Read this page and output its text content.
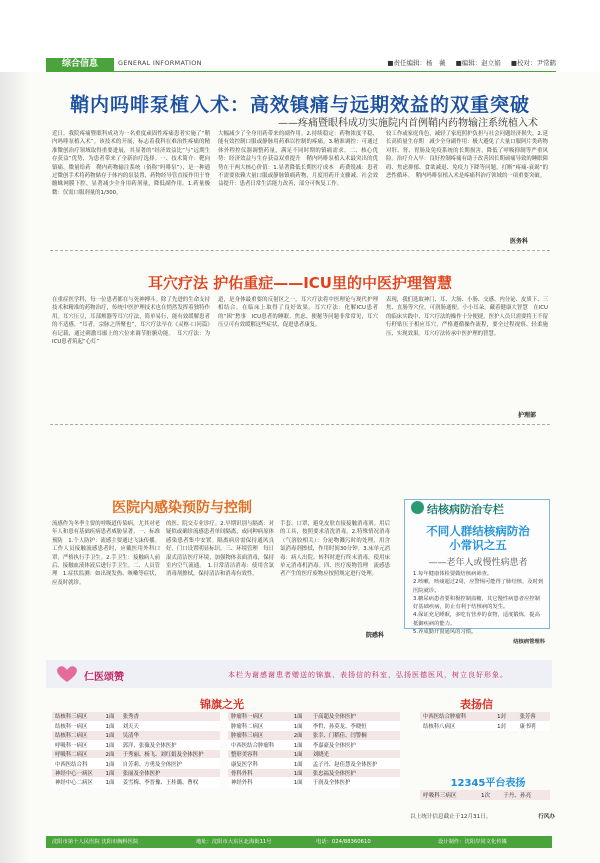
综合信息	GENERAL INFORMATION	■责任编辑：杨　薇 ■编辑：赵立娟 ■校对：尹常鹤
鞘内吗啡泵植入术：高效镇痛与远期效益的双重突破
——疼痛暨眼科成功实施院内首例鞘内药物输注系统植入术
近日，我院疼痛暨眼科成功为一名重度顽固性疼痛患者实施了“鞘内吗啡泵植入术”。该技术的开展，标志着我科在难治性疼痛的精准微创治疗领域取得重要进展，其显著的“经济效益比”与“远期生存获益”优势，为患者带来了全新治疗选择。一、技术简介：靶向镇痛，微量给药　鞘内药物输注系统（俗称“吗啡泵”），是一种通过微创手术将药物储存于体内的泵装置，药物经导管直接作用于脊髓蛛网膜下腔，显著减少全身用药剂量，降低副作用。1.药量极微：仅需口服剂量的1/300。
大幅减少了全身用药带来的副作用。2.持续稳定：药物浓度平稳，能有效控制口服或静脉用药难以控制的疼痛。3.精准调控：可通过体外程控仪器调整药量，满足不同时期的镇痛需求。二、核心优势：经济效益与生存获益双重提升　鞘内吗啡泵植入术最突出的优势在于两大核心价值：1.显著降低长期医疗成本　药费锐减：患者不需要依赖大量口服或静脉镇痛药物，月度用药开支骤减。社会效益提升：患者日常生活能力改善，部分可恢复工作。
较工作或家庭角色，减轻了家庭照护负担与社会问题经济损失。2.延长高质量生存期　减少全身副作用：极大避免了大量口服阿片类药物对肝、肾、胃肠及免疫系统的长期损害，降低了呼吸抑制等严重风险。治疗介入早：良好控制疼痛有助于改善因长期顽痛导致的睡眠障碍、焦虑抑郁、食欲减退、免疫力下降等问题，打断“疼痛-衰竭”的恶性循环。　鞘内吗啡泵植入术是疼痛科治疗领域的一项重要突破。
医务科
耳穴疗法 护佑重症——ICU里的中医护理智慧
在重症医学科，每一位患者都在与死神搏斗。除了先进的生命支持技术和精准的药物治疗，传统中医护理技术也在悄然发挥着独特作用。耳穴压豆，耳部颊器等耳穴疗法，简单易行，能有效缓解患者的不适感。“耳者，宗脉之所聚也”，耳穴疗法早在《灵枢·口问篇》有记载，通过刺激耳廓上的穴位来调节脏腑功能。　耳穴疗法：为ICU患者筑起“心灯”
道，是身体最重要的反射区之一。耳穴疗法将中医理论与现代护理相结合，在临床上取得了良好效果。耳穴疗法：化解ICU患者的“困”愁事　ICU患者的睡眠、焦虑、便秘等问题非常常见，耳穴压豆可有效缓解这些症状，促进患者康复。
表现，我们选取神门、耳、大肠、小肠、交感、内分泌、皮质下、三焦、直肠等穴位，可润肠通便。小小耳朵，藏着健康大智慧　在ICU的临床实践中，耳穴疗法的操作十分便捷，医护人员只需要将王不留行籽贴压于相应耳穴，严格遵循操作流程，要全过程视察、轻柔施压、实现效果。耳穴疗法传承中医护理的智慧。
护理部
医院内感染预防与控制
流感作为冬季主要的呼吸道传染病，尤其对老年人和患有基础疾病患者威胁显著。一、标准预防　1.个人防护：流感主要通过飞沫传播。工作人员接触流感患者时，应戴医用外科口罩，严格执行手卫生。2.手卫生：接触病人前后、接触血液体液后进行手卫生。二、人员管理　1.症状监测：如出现发热、咳嗽等症状，应及时就诊。
的医、院交专业诊疗。2.早期识别与隔离：对疑似或确诊流感患者单间隔离，或同种病原体感染患者集中安置。隔离病房需保持通风良好，门口设置明显标识。三、环境管理　每日湿式清洁医疗环境，加强物体表面消毒，保持室内空气流通。　1.日常清洁消毒：使用含氯消毒剂擦拭，保持清洁和消毒有效性。
手套、口罩，避免皮肤直接接触消毒剂。用后的工具，按照要求清洗消毒。2.特殊情况消毒（气溶胶相关）：分泌物溅污时的处理，用含氯消毒剂擦拭，作用时间30分钟。3.床单元消毒：病人出院、转科时进行终末消毒，使用床单元消毒机消毒。四、医疗废物管理　流感患者产生的医疗废物应按照规定进行处理。
院感科
结核病防治专栏
不同人群结核病防治
小常识之五
——老年人或慢性病患者
1.每年健康体检要做结核病筛查。
2.咳嗽、咳痰超过2周，应警惕可能得了肺结核，及时到医院就诊。
3.糖尿病患者要积极控制血糖，其它慢性病患者应控制好基础疾病，防止有利于结核病的发生。
4.保证充足睡眠，多吃有营养的食物，适度锻炼，提高抵御疾病的能力。
5.养成勤开窗通风的习惯。
结核病管理科
仁医颂赞	本栏为谢感谢患者赠送的锦旗、表扬信的科室，弘扬医德医风，树立良好形象。
锦旗之光
结核科三病区	1面	张秀香
结核科一病区	1面	刘天天
结核科二病区	1面	吴清华
呼吸科一病区	1面	郭洋、张薇及全体医护
呼吸科二病区	2面	于秀丽、杨飞、刘红娟及全体医护
中西医结合科	1面	自芳莉、方勇及全体医护
神经中心一病区	1面	张丽及全体医护
神经中心二病区	1面	姜雪梅、李晋豫、王桂璐、曹权
肿瘤科一病区	1面	于高超及全体医护
肿瘤科二病区	1面	李哲、孙莫龙、李晓恒
肿瘤科三病区	2面	张幸、门稻佳、闫警桐
中西医结合肿瘤科	1面	李嘉豪及全体医护
整形美容科	1面	刘晓光
康复医学科	1面	孟子丹、赵佳慧及全体医护
骨科外科	1面	张忠福及全体医护
神经外科	1面	于润及全体医护
表扬信
中西医结合肿瘤科	1封	张芳蓉
结核科八病区	1封	康书明
12345平台表扬
呼吸科三病区	1次	于丹、孙亮
以上统计信息截止于12月31日。	行风办
沈阳市第十人民医院 沈阳市胸科医院	地址：沈阳市大东区北海街11号	电话：024/88360610	设计制作：沈阳岸同文化传媒
